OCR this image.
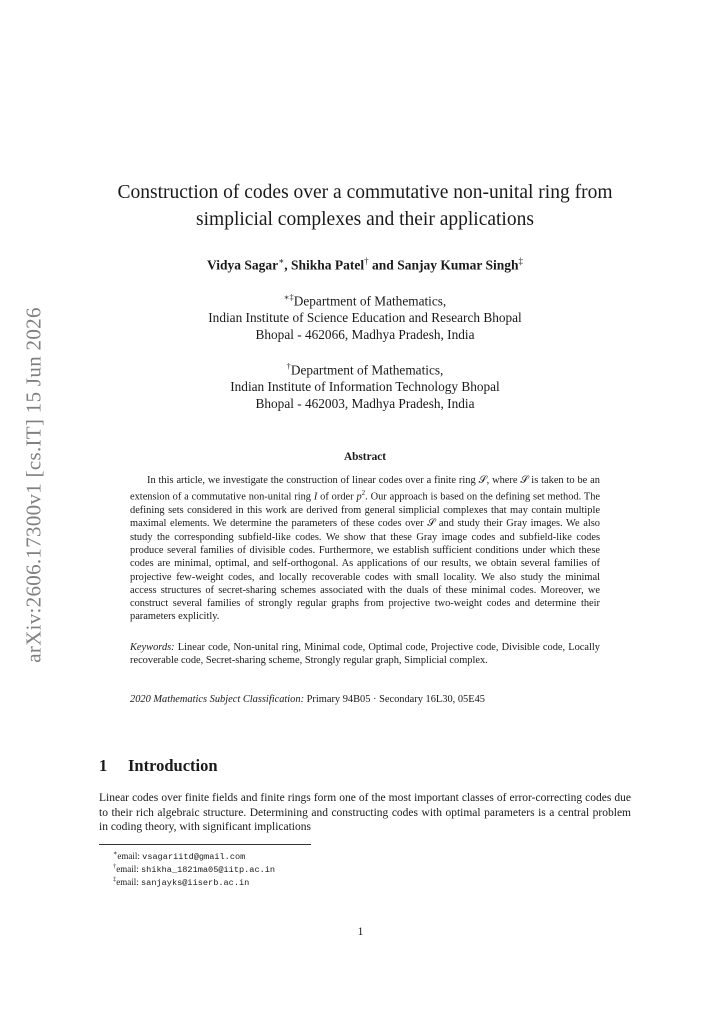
arXiv:2606.17300v1 [cs.IT] 15 Jun 2026
Construction of codes over a commutative non-unital ring from
simplicial complexes and their applications
Vidya Sagar∗, Shikha Patel† and Sanjay Kumar Singh‡
∗‡Department of Mathematics,
Indian Institute of Science Education and Research Bhopal
Bhopal - 462066, Madhya Pradesh, India
†Department of Mathematics,
Indian Institute of Information Technology Bhopal
Bhopal - 462003, Madhya Pradesh, India
Abstract
In this article, we investigate the construction of linear codes over a finite ring 𝒮, where 𝒮 is taken to be an extension of a commutative non-unital ring I of order $p^2$. Our approach is based on the defining set method. The defining sets considered in this work are derived from general simplicial complexes that may contain multiple maximal elements. We determine the parameters of these codes over 𝒮 and study their Gray images. We also study the corresponding subfield-like codes. We show that these Gray image codes and subfield-like codes produce several families of divisible codes. Furthermore, we establish sufficient conditions under which these codes are minimal, optimal, and self-orthogonal. As applications of our results, we obtain several families of projective few-weight codes, and locally recoverable codes with small locality. We also study the minimal access structures of secret-sharing schemes associated with the duals of these minimal codes. Moreover, we construct several families of strongly regular graphs from projective two-weight codes and determine their parameters explicitly.
Keywords: Linear code, Non-unital ring, Minimal code, Optimal code, Projective code, Divisible code, Locally recoverable code, Secret-sharing scheme, Strongly regular graph, Simplicial complex.
2020 Mathematics Subject Classification: Primary 94B05 · Secondary 16L30, 05E45
1 Introduction
Linear codes over finite fields and finite rings form one of the most important classes of error-correcting codes due to their rich algebraic structure. Determining and constructing codes with optimal parameters is a central problem in coding theory, with significant implications
∗email: vsagariitd@gmail.com
†email: shikha_1821ma05@iitp.ac.in
‡email: sanjayks@iiserb.ac.in
1
